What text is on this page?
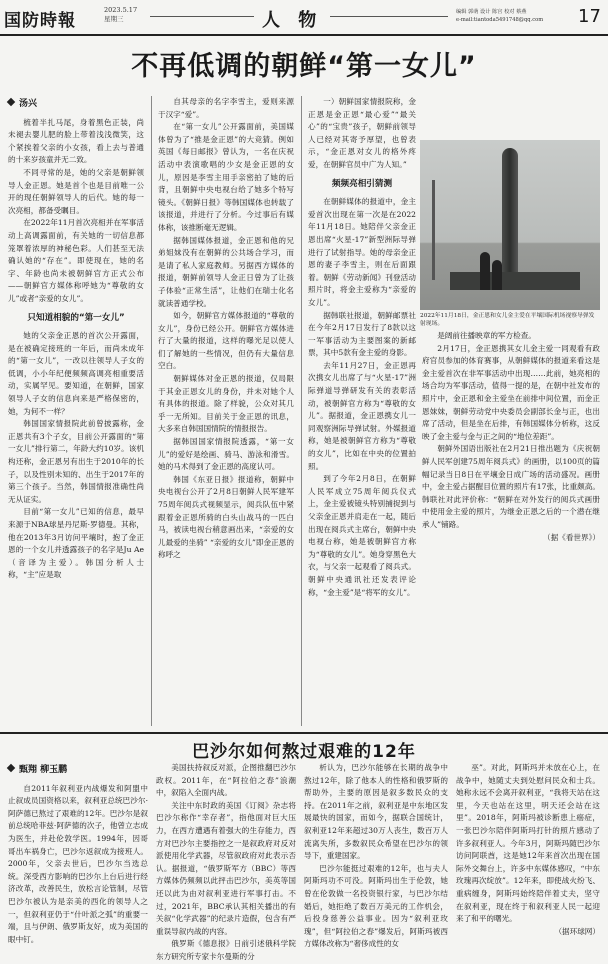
国防時報
2023.5.17
星期三	人 物	编辑 郭萌 设计 陈宫 校对 蔡燕
e-mail:tiantoda5491748@qq.com 17
不再低调的朝鲜“第一女儿”

汤兴

梳着半扎马尾，身着黑色正装，尚未褪去婴儿肥的脸上带着浅浅微笑，这个紧挨着父亲的小女孩，看上去与普通的十来岁孩童并无二致。

不同寻常的是，她的父亲是朝鲜领导人金正恩。她是首个也是目前唯一公开的现任朝鲜领导人的后代。她的每一次亮相，都备受瞩目。

在2022年11月首次亮相并在军事活动上高调露面前，有关她的一切信息都笼罩着浓厚的神秘色彩。人们甚至无法确认她的“存在”。即使现在，她的名字、年龄也尚未被朝鲜官方正式公布——朝鲜官方媒体称呼她为“尊敬的女儿”或者“亲爱的女儿”。

只知道相貌的“第一女儿”

她的父亲金正恩的首次公开露面，是在被确定接班的一年后，而尚未成年的“第一女儿”，一改以往领导人子女的低调，小小年纪便频频高调亮相重要活动，实属罕见。要知道，在朝鲜，国家领导人子女的信息向来是严格保密的，她，为何不一样？

韩国国家情报院此前曾披露称，金正恩共有3个子女，目前公开露面的“第一女儿”排行第二，年龄大约10岁。该机构还称，金正恩另有出生于2010年的长子，以及性别未知的、出生于2017年的第三个孩子。当然，韩国情报准确性尚无从证实。

目前“第一女儿”已知的信息，最早来源于NBA球星丹尼斯·罗德曼。其称，他在2013年3月访问平壤时，抱了金正恩的一个女儿并透露孩子的名字是Ju Ae（音译为主爱）。韩国分析人士称，“主”应是取

自其母亲的名字李雪主，爱则来源于汉字“爱”。

在“第一女儿”公开露面前，美国媒体曾为了“推是金正恩”的大竞猜。例如英国《每日邮报》曾认为，一名在庆祝活动中表演歌唱的少女是金正恩的女儿，原因是李雪主用手亲密拍了她的后背，且朝鲜中央电视台给了她多个特写镜头。《朝鲜日报》等韩国媒体也转载了该报道，并进行了分析。今过事后有媒体称，该推断毫无逻辑。

据韩国媒体报道，金正恩和他的兄弟姐妹没有在朝鲜的公共场合学习，而是请了私人家庭教师。另据西方媒体的报道，朝鲜前领导人金正日曾为了让孩子体验“正常生活”，让他们在瑞士化名就读普通学校。

如今，朝鲜官方媒体报道的“尊敬的女儿”，身份已经公开。朝鲜官方媒体进行了大量的报道，这样的曝光足以使人们了解她的一些情况，但仍有大量信息空白。

朝鲜媒体对金正恩的报道，仅局限于其金正恩女儿的身份，并未对她个人有具体的报道。除了样貌，公众对其几乎一无所知。目前关于金正恩的讯息，大多来自韩国国情院的情报报告。

据韩国国家情报院透露，“第一女儿”的爱好是绘画、骑马、游泳和滑雪。她的马术得到了金正恩的高度认可。

韩国《东亚日报》报道称，朝鲜中央电视台公开了2月8日朝鲜人民军建军75周年阅兵式视频显示，阅兵队伍中紧跟着金正恩所骑的白头山战马的一匹白马，被读电视台稍意画出来，“亲爱的女儿最爱的坐骑” “亲爱的女儿”即金正恩的称呼之

一）朝鲜国家情报院称，金正恩是金正恩“最心爱”“最关心”的“宝贵”孩子，朝鲜前领导人已经对其寄予厚望，也曾表示，“金正恩对女儿的格外疼爱，在朝鲜官员中广为人知。”

频频亮相引猜测

在朝鲜媒体的报道中，金主爱首次出现在第一次是在2022年11月18日。她陪伴父亲金正恩出席“火星-17”新型洲际导弹进行了试射指导。她的母亲金正恩的妻子李雪主，则在后面跟着。朝鲜《劳动新闻》刊登活动照片时，将金主爱称为“亲爱的女儿”。

据韩联社报道，朝鲜邮票社在今年2月17日发行了8款以这一军事活动为主要图案的新邮票，其中5款有金主爱的身影。

去年11月27日，金正恩再次携女儿出席了与“火星-17”洲际弹道导弹研发有关的表彰活动，被朝鲜官方称为“尊敬的女儿”。据报道，金正恩携女儿一同观察洲际导弹试射。外媒报道称，她是被朝鲜官方称为“尊敬的女儿”，比如在中央的位置拍照。

到了今年2月8日，在朝鲜人民军成立75周年阅兵仪式上，金主爱被镜头特别捕捉到与父亲金正恩并肩走在一起，随后出现在阅兵式主席台，朝鲜中央电视台称，她是被朝鲜官方称为“尊敬的女儿”。她身穿黑色大衣，与父亲一起观看了阅兵式。朝鲜中央通讯社还发表评论称，“金主爱”是“将军的女儿”。

2022年11月18日，金正恩和女儿金主爱在平壤国际机场视察导弹发射现场。

是阔前往播映章的军方检查。

2月17日，金正恩携其女儿金主爱一同观看有政府官员参加的体育赛事，从朝鲜媒体的报道来看这是金主爱首次在非军事活动中出现……此前，她亮相的场合均为军事活动，值得一提的是，在朝中社发布的照片中，金正恩和金主爱坐在前排中间位置，而金正恩妹妹，朝鲜劳动党中央委员会副部长金与正，也出席了活动，但是坐在后排，有韩国媒体分析称，这反映了金主爱与金与正之间的“地位差距”。

朝鲜外国语出版社在2月21日推出题为《庆祝朝鲜人民军创建75周年阅兵式》的画册，以100页的篇幅记录当日8日在平壤金日成广场的活动盛况。画册中，金主爱占据醒目位置的照片有17张，比重颇高。韩联社对此评价称：“朝鲜在对外发行的阅兵式画册中使用金主爱的照片，为继金正恩之后的一个潜在继承人”铺路。

（据《看世界》）

巴沙尔如何熬过艰难的12年

甄翔 柳玉鹏

自2011年叙利亚内战爆发和阿盟中止叙成员国资格以来，叙利亚总统巴沙尔·阿萨德已熬过了艰难的12年。巴沙尔是叙前总统哈菲兹·阿萨德的次子，他曾立志成为医生，并赴伦敦学医。1994年，因哥哥出车祸身亡，巴沙尔返叙成为接班人。2000年，父亲去世后，巴沙尔当选总统。深受西方影响的巴沙尔上台后进行经济改革，改善民生，放松言论管制，尽管巴沙尔被认为是亲美的西化的领导人之一，但叙利亚仍于“什叶派之弧”的重要一端，且与伊朗、俄罗斯友好，成为美国的眼中钉。

美国扶持叙反对派，企图推翻巴沙尔政权。2011年，在“阿拉伯之春”浪潮中，叙陷入全面内战。

关注中东时政的美国《订阅》杂志将巴沙尔称作“幸存者”，指他面对巨大压力，在西方遭遇有着强大的生存能力，西方对巴沙尔主要指控之一是叙政府对反对派使用化学武器，尽管叙政府对此表示否认。据报道，“俄罗斯军方（BBC）等西方媒体仍频频以此抨击巴沙尔，美英等国还以此为由对叙利亚进行军事打击。不过，2021年，BBC承认其相关播出的有关叙“化学武器”的纪录片造假，包含有严重误导叙内战的内容。

俄罗斯《德息报》日前引述俄科学院东方研究所专家卡尔曼斯的分

析认为，巴沙尔能够在长期的战争中熬过12年，除了他本人的性格和俄罗斯的帮助外，主要的原因是叙多数民众的支持。在2011年之前，叙利亚是中东地区发展最快的国家，而如今，据联合国统计，叙利亚12年来超过30万人丧生，数百万人流离失所，多数叙民众希望在巴沙尔的领导下，重建国家。

巴沙尔能挺过艰难的12年，也与夫人阿斯玛功不可没。阿斯玛出生于伦敦，她曾在伦敦做一名投资银行家，与巴沙尔结婚后，她拒绝了数百万美元的工作机会，后投身慈善公益事业。因为“叙利亚玫瑰”，但“阿拉伯之春”爆发后，阿斯玛被西方媒体改称为“奢侈成性的女

巫”。对此，阿斯玛并未放在心上，在战争中，她随丈夫到处慰问民众和士兵。她称永远不会离开叙利亚，“我将天站在这里，今天也站在这里，明天还会站在这里”。2018年，阿斯玛被诊断患上癌症，一张巴沙尔陪伴阿斯玛打针的照片感动了许多叙利亚人。今年3月，阿斯玛随巴沙尔访问阿联酋，这是她12年来首次出现在国际外交舞台上，许多中东媒体感叹，“中东玫瑰再次绽放”。12年来，即使战火纷飞、重病缠身，阿斯玛始终陪伴着丈夫，坚守在叙利亚，现在终于和叙利亚人民一起迎来了和平的曙光。

（据环球网）
